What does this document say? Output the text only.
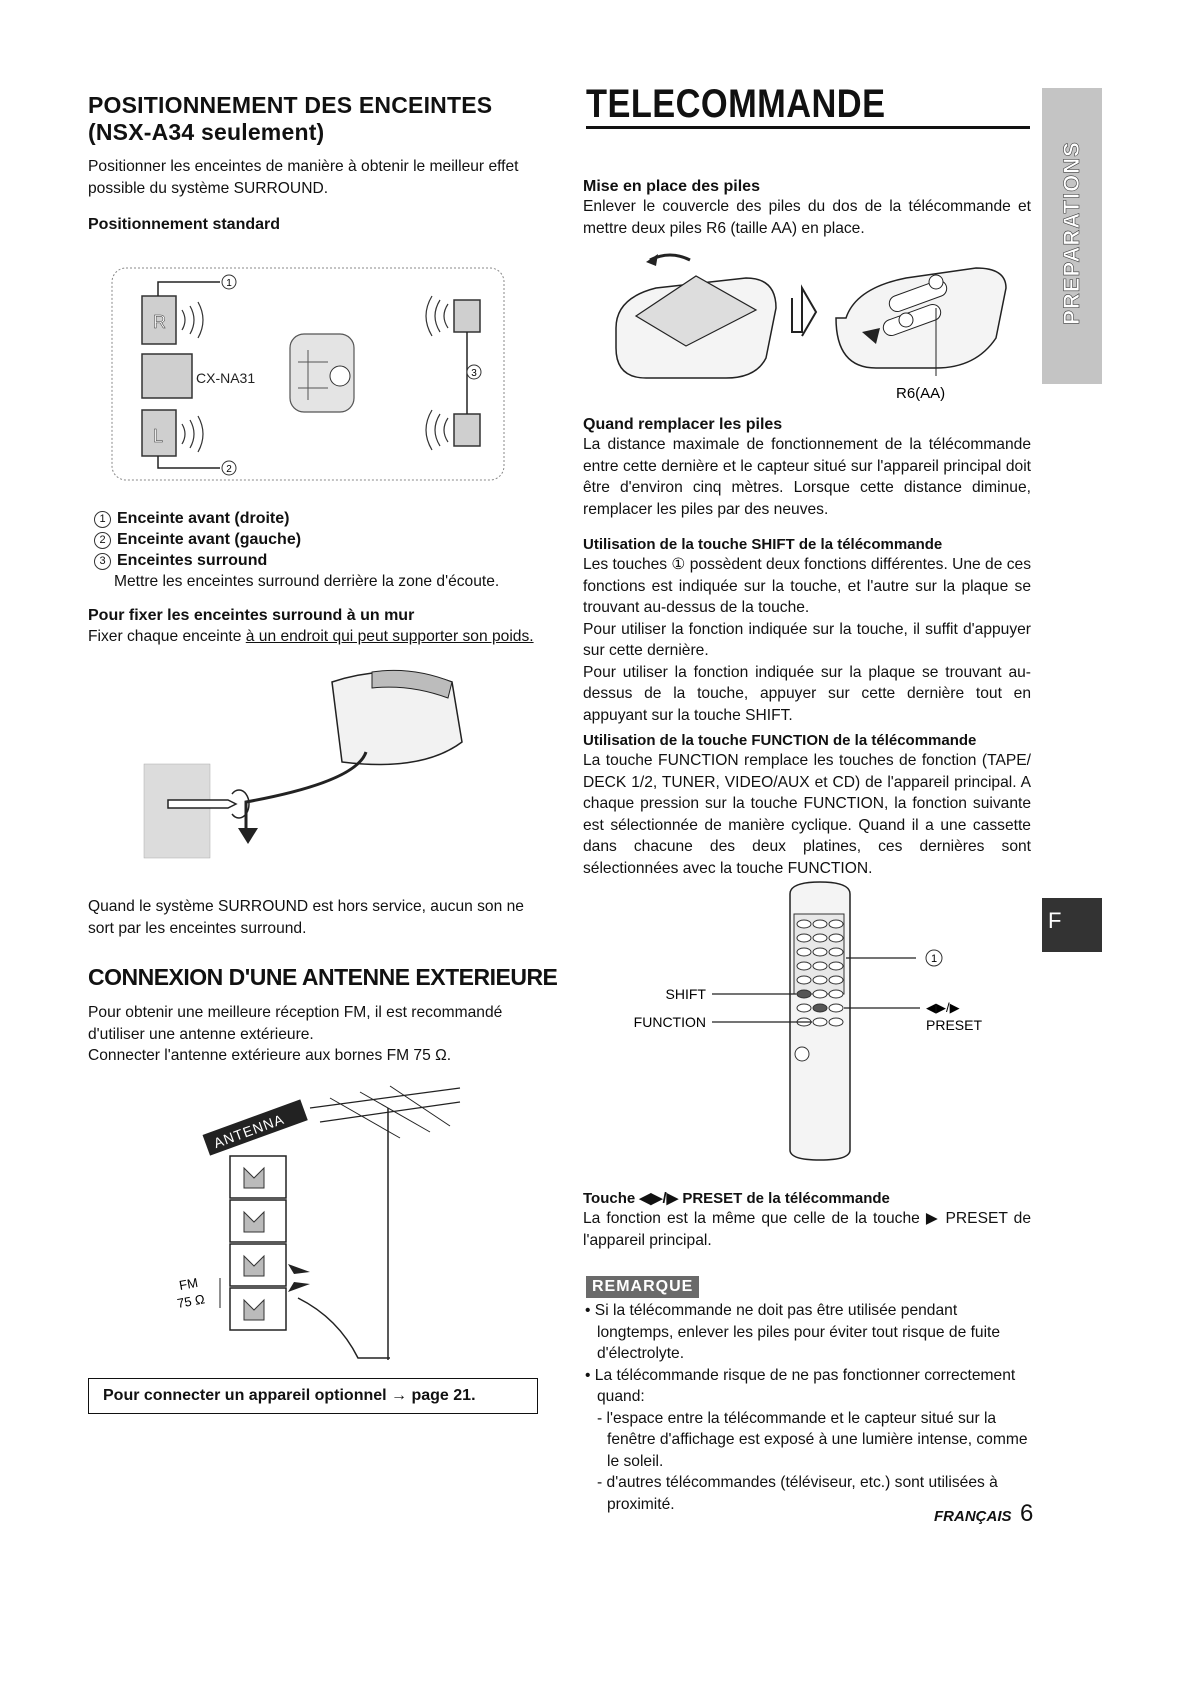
POSITIONNEMENT DES ENCEINTES
(NSX-A34 seulement)
Positionner les enceintes de manière à obtenir le meilleur effet possible du système SURROUND.
Positionnement standard
R
CX-NA31
L
1
2
3
1 Enceinte avant (droite)
2 Enceinte avant (gauche)
3 Enceintes surround
Mettre les enceintes surround derrière la zone d'écoute.
Pour fixer les enceintes surround à un mur
Fixer chaque enceinte à un endroit qui peut supporter son poids.
Quand le système SURROUND est hors service, aucun son ne sort par les enceintes surround.
CONNEXION D'UNE ANTENNE EXTERIEURE
Pour obtenir une meilleure réception FM, il est recommandé d'utiliser une antenne extérieure.
Connecter l'antenne extérieure aux bornes FM 75 Ω.
ANTENNA
FM
75 Ω
Pour connecter un appareil optionnel → page 21.
TELECOMMANDE
Mise en place des piles
Enlever le couvercle des piles du dos de la télécommande et mettre deux piles R6 (taille AA) en place.
R6(AA)
Quand remplacer les piles
La distance maximale de fonctionnement de la télécommande entre cette dernière et le capteur situé sur l'appareil principal doit être d'environ cinq mètres. Lorsque cette distance diminue, remplacer les piles par des neuves.
Utilisation de la touche SHIFT de la télécommande
Les touches ① possèdent deux fonctions différentes. Une de ces fonctions est indiquée sur la touche, et l'autre sur la plaque se trouvant au-dessus de la touche.
Pour utiliser la fonction indiquée sur la touche, il suffit d'appuyer sur cette dernière.
Pour utiliser la fonction indiquée sur la plaque se trouvant au-dessus de la touche, appuyer sur cette dernière tout en appuyant sur la touche SHIFT.
Utilisation de la touche FUNCTION de la télécommande
La touche FUNCTION remplace les touches de fonction (TAPE/ DECK 1/2, TUNER, VIDEO/AUX et CD) de l'appareil principal. A chaque pression sur la touche FUNCTION, la fonction suivante est sélectionnée de manière cyclique. Quand il a une cassette dans chacune des deux platines, ces dernières sont sélectionnées avec la touche FUNCTION.
1
SHIFT
FUNCTION
◀▶/▶
PRESET
Touche ◀▶/▶ PRESET de la télécommande
La fonction est la même que celle de la touche ▶ PRESET de l'appareil principal.
REMARQUE
• Si la télécommande ne doit pas être utilisée pendant longtemps, enlever les piles pour éviter tout risque de fuite d'électrolyte.
• La télécommande risque de ne pas fonctionner correctement quand:
- l'espace entre la télécommande et le capteur situé sur la fenêtre d'affichage est exposé à une lumière intense, comme le soleil.
- d'autres télécommandes (téléviseur, etc.) sont utilisées à proximité.
PREPARATIONS
F
FRANÇAIS 6
